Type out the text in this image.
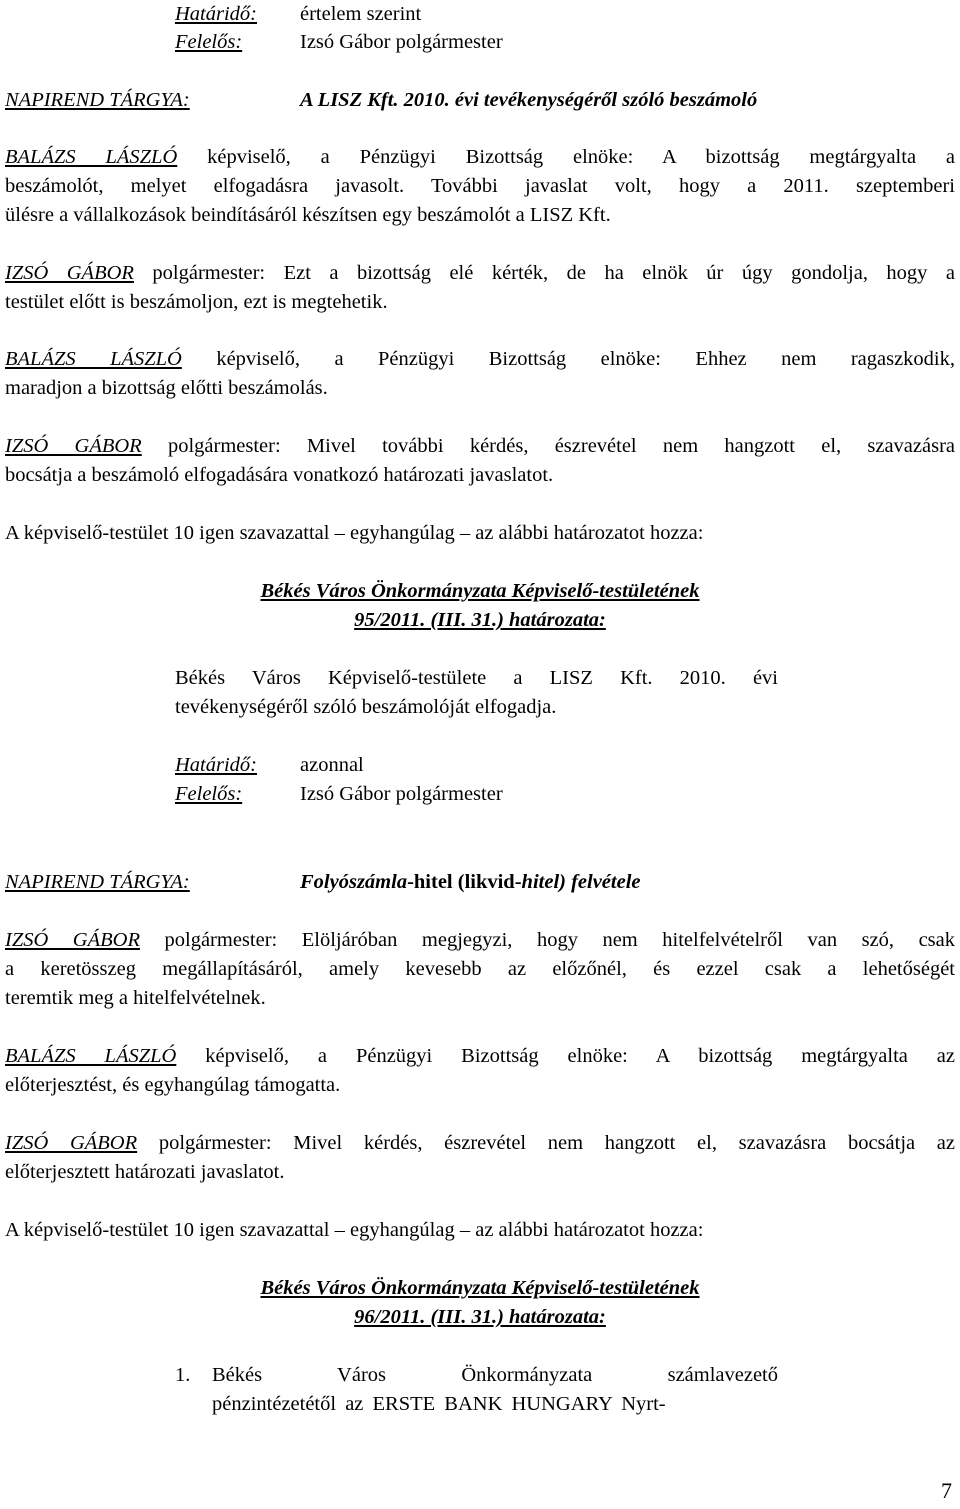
Határidő: értelem szerint
Felelős:	Izsó Gábor polgármester
NAPIREND TÁRGYA:	A LISZ Kft. 2010. évi tevékenységéről szóló beszámoló
BALÁZS LÁSZLÓ képviselő, a Pénzügyi Bizottság elnöke: A bizottság megtárgyalta a
beszámolót, melyet elfogadásra javasolt. További javaslat volt, hogy a 2011. szeptemberi
ülésre a vállalkozások beindításáról készítsen egy beszámolót a LISZ Kft.
IZSÓ GÁBOR polgármester: Ezt a bizottság elé kérték, de ha elnök úr úgy gondolja, hogy a
testület előtt is beszámoljon, ezt is megtehetik.
BALÁZS LÁSZLÓ képviselő, a Pénzügyi Bizottság elnöke: Ehhez nem ragaszkodik,
maradjon a bizottság előtti beszámolás.
IZSÓ GÁBOR polgármester: Mivel további kérdés, észrevétel nem hangzott el, szavazásra
bocsátja a beszámoló elfogadására vonatkozó határozati javaslatot.
A képviselő-testület 10 igen szavazattal – egyhangúlag – az alábbi határozatot hozza:
Békés Város Önkormányzata Képviselő-testületének
95/2011. (III. 31.) határozata:
Békés Város Képviselő-testülete a LISZ Kft. 2010. évi
tevékenységéről szóló beszámolóját elfogadja.
Határidő: azonnal
Felelős:	Izsó Gábor polgármester
NAPIREND TÁRGYA:	Folyószámla-hitel (likvid-hitel) felvétele
IZSÓ GÁBOR polgármester: Elöljáróban megjegyzi, hogy nem hitelfelvételről van szó, csak
a keretösszeg megállapításáról, amely kevesebb az előzőnél, és ezzel csak a lehetőségét
teremtik meg a hitelfelvételnek.
BALÁZS LÁSZLÓ képviselő, a Pénzügyi Bizottság elnöke: A bizottság megtárgyalta az
előterjesztést, és egyhangúlag támogatta.
IZSÓ GÁBOR polgármester: Mivel kérdés, észrevétel nem hangzott el, szavazásra bocsátja az
előterjesztett határozati javaslatot.
A képviselő-testület 10 igen szavazattal – egyhangúlag – az alábbi határozatot hozza:
Békés Város Önkormányzata Képviselő-testületének
96/2011. (III. 31.) határozata:
1. Békés Város Önkormányzata számlavezető
pénzintézetétől az ERSTE BANK HUNGARY Nyrt-
7
